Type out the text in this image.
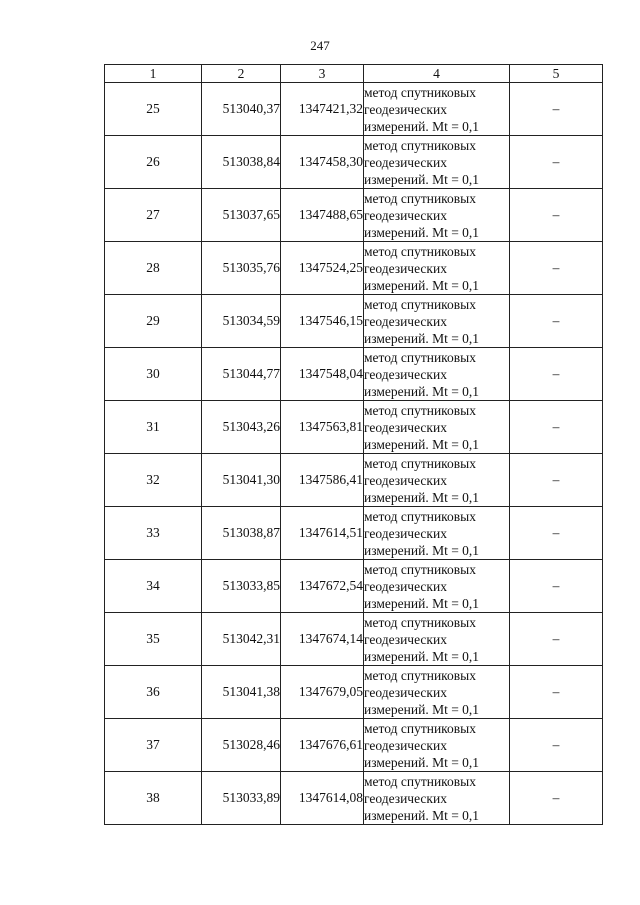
247
1	2	3	4	5
25	513040,37	1347421,32	метод спутниковых
геодезических
измерений. Mt = 0,1	–
26	513038,84	1347458,30	метод спутниковых
геодезических
измерений. Mt = 0,1	–
27	513037,65	1347488,65	метод спутниковых
геодезических
измерений. Mt = 0,1	–
28	513035,76	1347524,25	метод спутниковых
геодезических
измерений. Mt = 0,1	–
29	513034,59	1347546,15	метод спутниковых
геодезических
измерений. Mt = 0,1	–
30	513044,77	1347548,04	метод спутниковых
геодезических
измерений. Mt = 0,1	–
31	513043,26	1347563,81	метод спутниковых
геодезических
измерений. Mt = 0,1	–
32	513041,30	1347586,41	метод спутниковых
геодезических
измерений. Mt = 0,1	–
33	513038,87	1347614,51	метод спутниковых
геодезических
измерений. Mt = 0,1	–
34	513033,85	1347672,54	метод спутниковых
геодезических
измерений. Mt = 0,1	–
35	513042,31	1347674,14	метод спутниковых
геодезических
измерений. Mt = 0,1	–
36	513041,38	1347679,05	метод спутниковых
геодезических
измерений. Mt = 0,1	–
37	513028,46	1347676,61	метод спутниковых
геодезических
измерений. Mt = 0,1	–
38	513033,89	1347614,08	метод спутниковых
геодезических
измерений. Mt = 0,1	–
